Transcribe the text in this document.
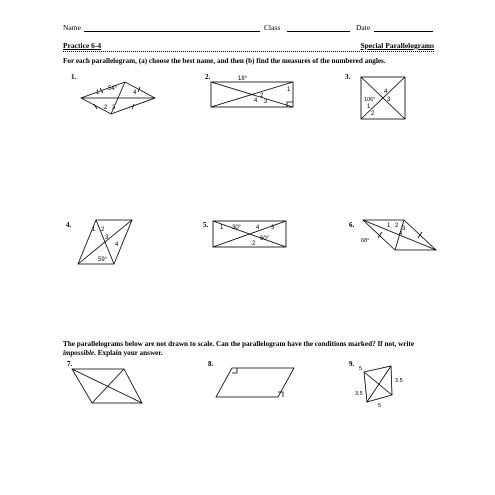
Name	Class	Date
Practice 6-4	Special Parallelograms
For each parallelogram, (a) choose the best name, and then (b) find the measures of the numbered angles.
1.	2.	3.
4.	5.	6.
54°
1	4
2 3
18°
1
2
4 3
4
106° 3
1
2
1 2
3
4
59°
1 30° 4 3
60°
2
1 2 3
4
68°
The parallelograms below are not drawn to scale. Can the parallelogram have the conditions marked? If not, write impossible. Explain your answer.
7.	8.	9.
5
3.5
3.5
5
